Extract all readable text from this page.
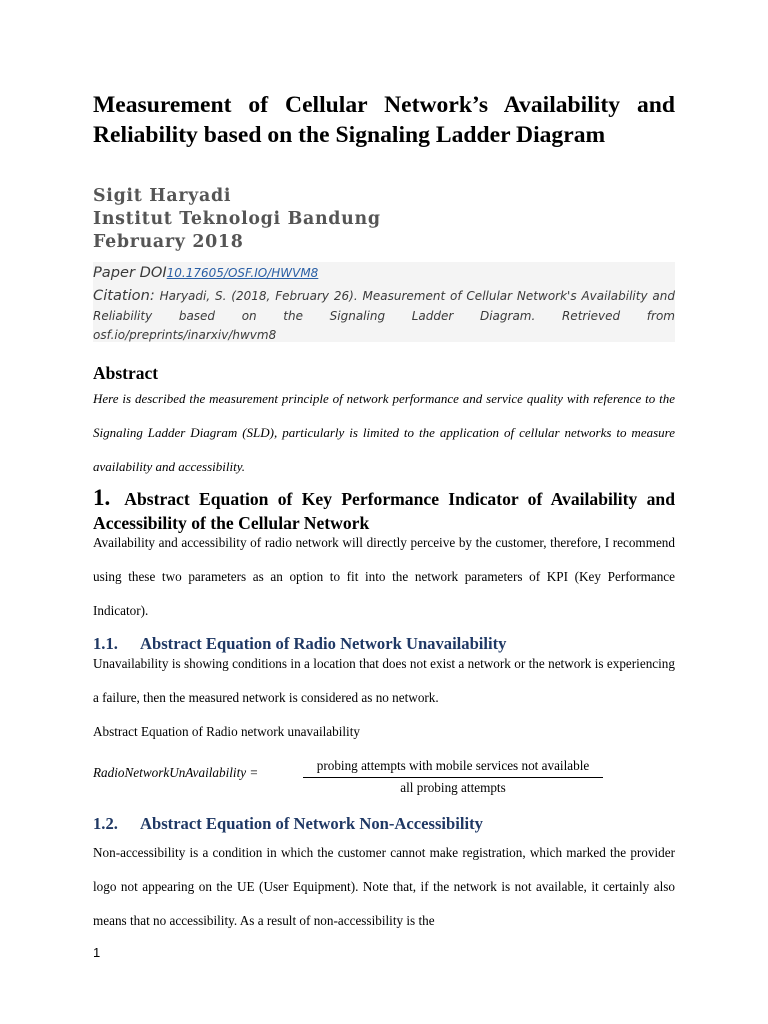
Measurement of Cellular Network’s Availability and Reliability based on the Signaling Ladder Diagram
Sigit Haryadi
Institut Teknologi Bandung
February 2018
Paper DOI10.17605/OSF.IO/HWVM8

Citation: Haryadi, S. (2018, February 26). Measurement of Cellular Network's Availability and Reliability based on the Signaling Ladder Diagram. Retrieved from osf.io/preprints/inarxiv/hwvm8

Abstract

Here is described the measurement principle of network performance and service quality with reference to the Signaling Ladder Diagram (SLD), particularly is limited to the application of cellular networks to measure availability and accessibility.

1. Abstract Equation of Key Performance Indicator of Availability and Accessibility of the Cellular Network

Availability and accessibility of radio network will directly perceive by the customer, therefore, I recommend using these two parameters as an option to fit into the network parameters of KPI (Key Performance Indicator).

1.1. Abstract Equation of Radio Network Unavailability

Unavailability is showing conditions in a location that does not exist a network or the network is experiencing a failure, then the measured network is considered as no network.

Abstract Equation of Radio network unavailability

RadioNetworkUnAvailability =	probing attempts with mobile services not available
all probing attempts
1.2. Abstract Equation of Network Non-Accessibility

Non-accessibility is a condition in which the customer cannot make registration, which marked the provider logo not appearing on the UE (User Equipment). Note that, if the network is not available, it certainly also means that no accessibility. As a result of non-accessibility is the

1
